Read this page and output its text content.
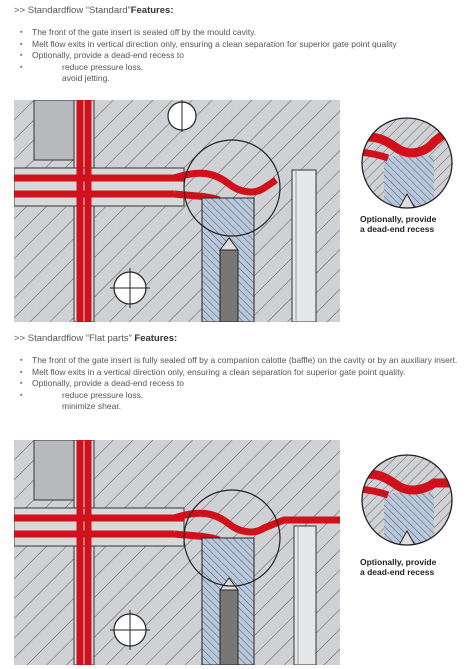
>> Standardflow “Standard”Features:
▪ The front of the gate insert is sealed off by the mould cavity.
▪ Melt flow exits in vertical direction only, ensuring a clean separation for superior gate point quality
▪ Optionally, provide a dead-end recess to
▪ reduce pressure loss.
avoid jetting.
Optionally, provide
a dead-end recess
>> Standardflow “Flat parts” Features:
▪ The front of the gate insert is fully sealed off by a companion calotte (baffle) on the cavity or by an auxiliary insert.
▪ Melt flow exits in a vertical direction only, ensuring a clean separation for superior gate point quality.
▪ Optionally, provide a dead-end recess to
▪ reduce pressure loss.
minimize shear.
Optionally, provide
a dead-end recess
